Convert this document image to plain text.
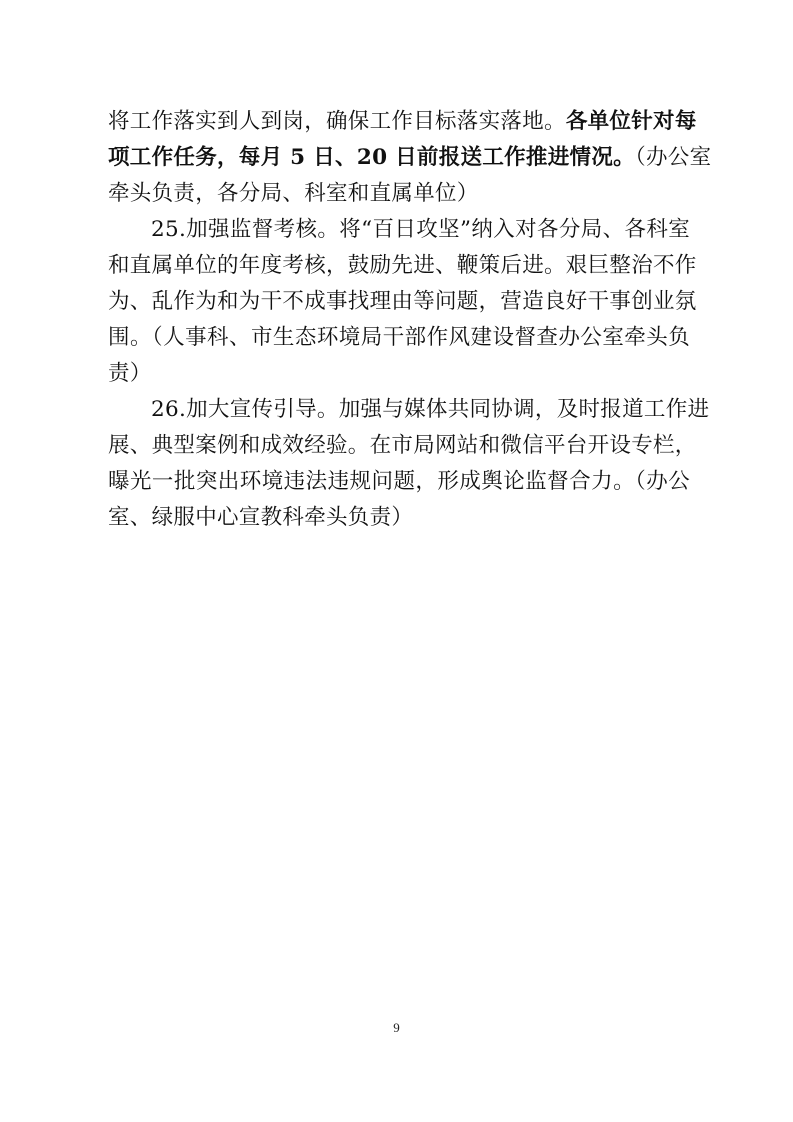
将工作落实到人到岗，确保工作目标落实落地。各单位针对每
项工作任务，每月 5 日、20 日前报送工作推进情况。（办公室
牵头负责，各分局、科室和直属单位）
25.加强监督考核。将“百日攻坚”纳入对各分局、各科室
和直属单位的年度考核，鼓励先进、鞭策后进。艰巨整治不作
为、乱作为和为干不成事找理由等问题，营造良好干事创业氛
围。（人事科、市生态环境局干部作风建设督查办公室牵头负
责）
26.加大宣传引导。加强与媒体共同协调，及时报道工作进
展、典型案例和成效经验。在市局网站和微信平台开设专栏，
曝光一批突出环境违法违规问题，形成舆论监督合力。（办公
室、绿服中心宣教科牵头负责）
9
